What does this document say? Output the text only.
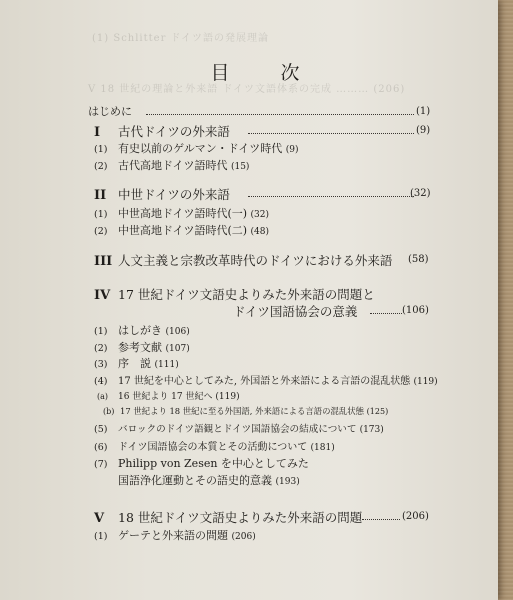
(1) Schlitter ドイツ語の発展理論
V 18 世紀の理論と外来語 ドイツ文語体系の完成 ……… (206)
目　次
はじめに	(1)
I 古代ドイツの外来語	(9)
(1) 有史以前のゲルマン・ドイツ時代 (9)
(2) 古代高地ドイツ語時代 (15)
II 中世ドイツの外来語	(32)
(1) 中世高地ドイツ語時代(一) (32)
(2) 中世高地ドイツ語時代(二) (48)
III 人文主義と宗教改革時代のドイツにおける外来語 (58)
IV 17 世紀ドイツ文語史よりみた外来語の問題と
ドイツ国語協会の意義	(106)
(1) はしがき (106)
(2) 参考文献 (107)
(3) 序　説 (111)
(4) 17 世紀を中心としてみた, 外国語と外来語による言語の混乱状態 (119)
(a) 16 世紀より 17 世紀へ (119)
(b) 17 世紀より 18 世紀に至る外国語, 外来語による言語の混乱状態 (125)
(5) バロックのドイツ語観とドイツ国語協会の結成について (173)
(6) ドイツ国語協会の本質とその活動について (181)
(7) Philipp von Zesen を中心としてみた
国語浄化運動とその語史的意義 (193)
V 18 世紀ドイツ文語史よりみた外来語の問題	(206)
(1) ゲーテと外来語の問題 (206)
